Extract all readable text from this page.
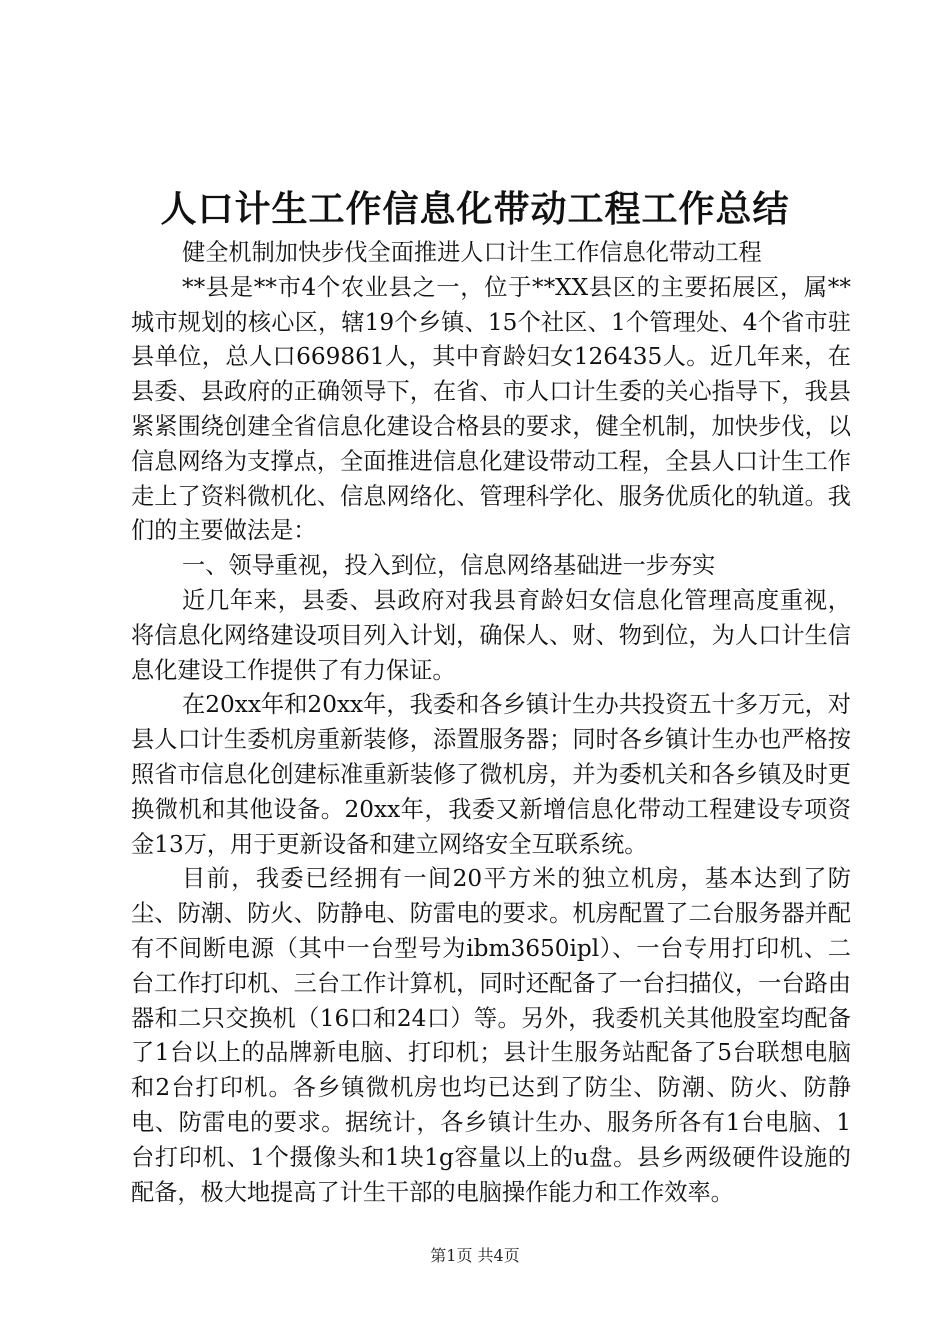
人口计生工作信息化带动工程工作总结

健全机制加快步伐全面推进人口计生工作信息化带动工程

**县是**市4个农业县之一，位于**XX县区的主要拓展区，属**城市规划的核心区，辖19个乡镇、15个社区、1个管理处、4个省市驻县单位，总人口669861人，其中育龄妇女126435人。近几年来，在县委、县政府的正确领导下，在省、市人口计生委的关心指导下，我县紧紧围绕创建全省信息化建设合格县的要求，健全机制，加快步伐，以信息网络为支撑点，全面推进信息化建设带动工程，全县人口计生工作走上了资料微机化、信息网络化、管理科学化、服务优质化的轨道。我们的主要做法是：

一、领导重视，投入到位，信息网络基础进一步夯实

近几年来，县委、县政府对我县育龄妇女信息化管理高度重视，将信息化网络建设项目列入计划，确保人、财、物到位，为人口计生信息化建设工作提供了有力保证。

在20xx年和20xx年，我委和各乡镇计生办共投资五十多万元，对县人口计生委机房重新装修，添置服务器；同时各乡镇计生办也严格按照省市信息化创建标准重新装修了微机房，并为委机关和各乡镇及时更换微机和其他设备。20xx年，我委又新增信息化带动工程建设专项资金13万，用于更新设备和建立网络安全互联系统。

目前，我委已经拥有一间20平方米的独立机房，基本达到了防尘、防潮、防火、防静电、防雷电的要求。机房配置了二台服务器并配有不间断电源（其中一台型号为ibm3650ipl）、一台专用打印机、二台工作打印机、三台工作计算机，同时还配备了一台扫描仪，一台路由器和二只交换机（16口和24口）等。另外，我委机关其他股室均配备了1台以上的品牌新电脑、打印机；县计生服务站配备了5台联想电脑和2台打印机。各乡镇微机房也均已达到了防尘、防潮、防火、防静电、防雷电的要求。据统计，各乡镇计生办、服务所各有1台电脑、1台打印机、1个摄像头和1块1g容量以上的u盘。县乡两级硬件设施的配备，极大地提高了计生干部的电脑操作能力和工作效率。

第1页 共4页
